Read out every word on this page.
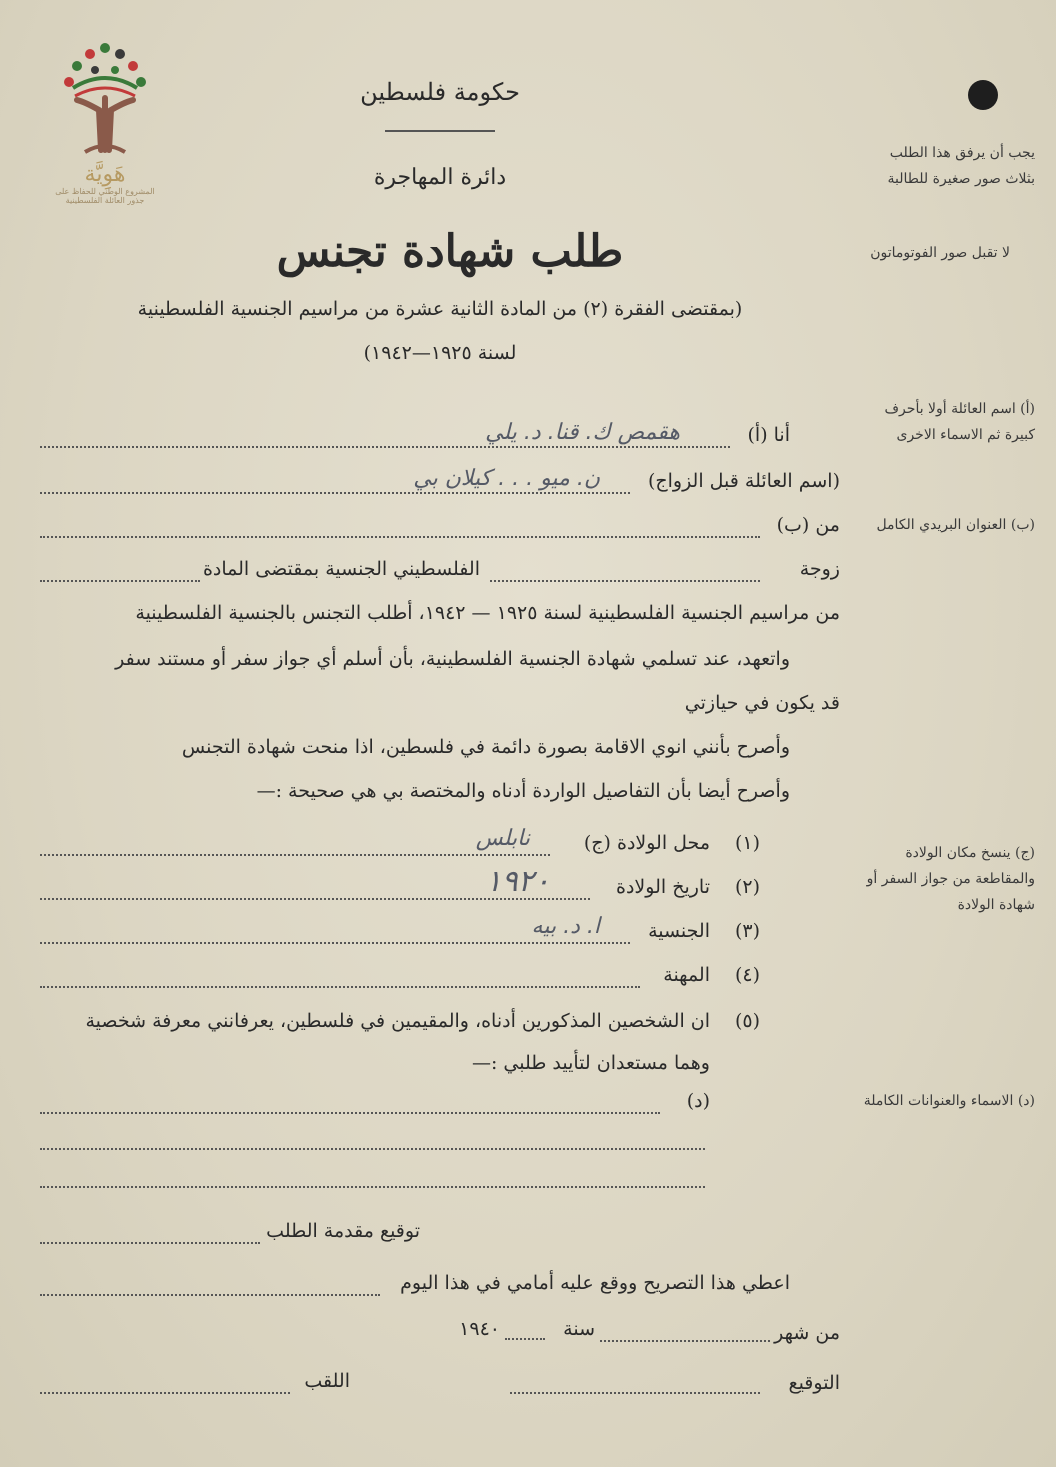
هَوِيَّة
المشروع الوطني للحفاظ على
جذور العائلة الفلسطينية
حكومة فلسطين
دائرة المهاجرة
طلب شهادة تجنس
(بمقتضى الفقرة (٢) من المادة الثانية عشرة من مراسيم الجنسية الفلسطينية
لسنة ١٩٢٥—١٩٤٢)
يجب أن يرفق هذا الطلب بثلاث صور صغيرة للطالبة
لا تقبل صور الفوتوماتون
(أ) اسم العائلة أولا بأحرف كبيرة ثم الاسماء الاخرى
(ب) العنوان البريدي الكامل
(ج) ينسخ مكان الولادة والمقاطعة من جواز السفر أو شهادة الولادة
(د) الاسماء والعنوانات الكاملة
أنا (أ)
هقمص ك. قنا. د. يلي
(اسم العائلة قبل الزواج)
ن. ميو . . . كيلان بي
من (ب)
زوجة
الفلسطيني الجنسية بمقتضى المادة
من مراسيم الجنسية الفلسطينية لسنة ١٩٢٥ — ١٩٤٢، أطلب التجنس بالجنسية الفلسطينية
واتعهد، عند تسلمي شهادة الجنسية الفلسطينية، بأن أسلم أي جواز سفر أو مستند سفر
قد يكون في حيازتي
وأصرح بأنني انوي الاقامة بصورة دائمة في فلسطين، اذا منحت شهادة التجنس
وأصرح أيضا بأن التفاصيل الواردة أدناه والمختصة بي هي صحيحة :—
(١)
محل الولادة (ج)
نابلس
(٢)
تاريخ الولادة
١٩٢٠
(٣)
الجنسية
ا. د. بيه
(٤)
المهنة
(٥)
ان الشخصين المذكورين أدناه، والمقيمين في فلسطين، يعرفانني معرفة شخصية
وهما مستعدان لتأييد طلبي :—
(د)
توقيع مقدمة الطلب
اعطي هذا التصريح ووقع عليه أمامي في هذا اليوم
من شهر
سنة
١٩٤٠
التوقيع
اللقب
